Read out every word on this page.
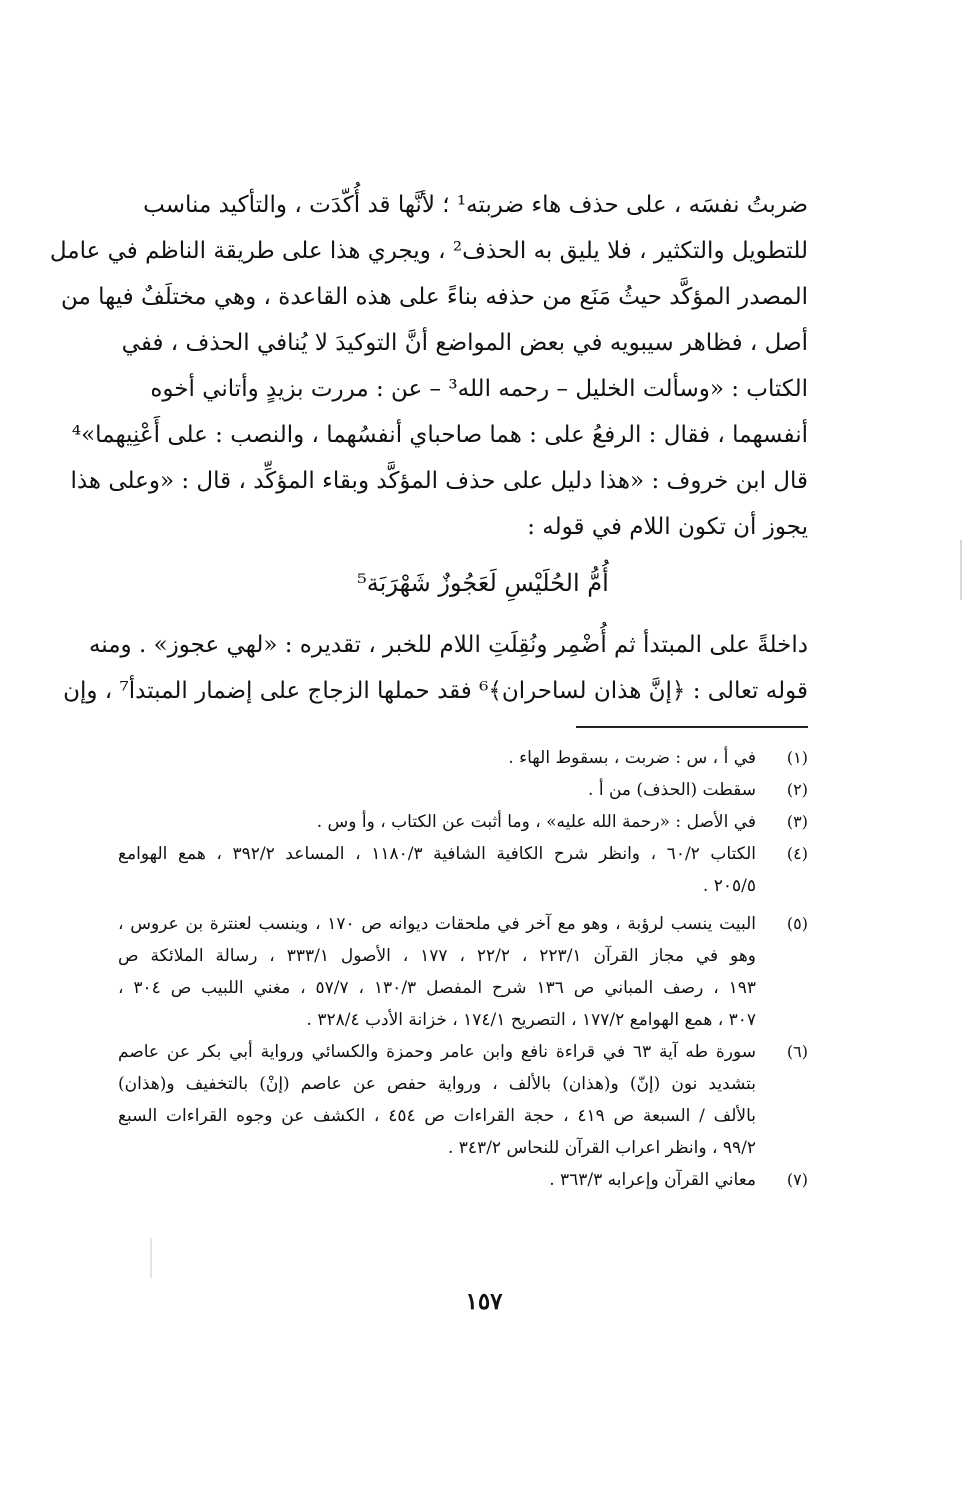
ضربتُ نفسَه ، على حذف هاء ضربته¹ ؛ لأنَّها قد أُكّدَت ، والتأكيد مناسب
للتطويل والتكثير ، فلا يليق به الحذف² ، ويجري هذا على طريقة الناظم في عامل
المصدر المؤكَّد حيثُ مَنَع من حذفه بناءً على هذه القاعدة ، وهي مختلَفٌ فيها من
أصل ، فظاهر سيبويه في بعض المواضع أنَّ التوكيدَ لا يُنافي الحذف ، ففي
الكتاب : «وسألت الخليل – رحمه الله³ – عن : مررت بزيدٍ وأتاني أخوه
أنفسهما ، فقال : الرفعُ على : هما صاحباي أنفسُهما ، والنصب : على أَعْنِيهما»⁴
قال ابن خروف : «هذا دليل على حذف المؤكَّد وبقاء المؤكِّد ، قال : «وعلى هذا
يجوز أن تكون اللام في قوله :
أُمُّ الحُلَيْسِ لَعَجُوزٌ شَهْرَبَة⁵
داخلةً على المبتدأ ثم أُضْمِر ونُقِلَتِ اللام للخبر ، تقديره : «لهي عجوز» . ومنه
قوله تعالى : ﴿إنَّ هذان لساحران﴾⁶ فقد حملها الزجاج على إضمار المبتدأ⁷ ، وإن
(١)
في أ ، س : ضربت ، بسقوط الهاء .
(٢)
سقطت (الحذف) من أ .
(٣)
في الأصل : «رحمة الله عليه» ، وما أثبت عن الكتاب ، وأ وس .
(٤)
الكتاب ٦٠/٢ ، وانظر شرح الكافية الشافية ١١٨٠/٣ ، المساعد ٣٩٢/٢ ، همع الهوامع
٢٠٥/٥ .
(٥)
البيت ينسب لرؤبة ، وهو مع آخر في ملحقات ديوانه ص ١٧٠ ، وينسب لعنترة بن عروس ،
وهو في مجاز القرآن ٢٢٣/١ ، ٢٢/٢ ، ١٧٧ ، الأصول ٣٣٣/١ ، رسالة الملائكة ص
١٩٣ ، رصف المباني ص ١٣٦ شرح المفصل ١٣٠/٣ ، ٥٧/٧ ، مغني اللبيب ص ٣٠٤ ،
٣٠٧ ، همع الهوامع ١٧٧/٢ ، التصريح ١٧٤/١ ، خزانة الأدب ٣٢٨/٤ .
(٦)
سورة طه آية ٦٣ في قراءة نافع وابن عامر وحمزة والكسائي ورواية أبي بكر عن عاصم
بتشديد نون (إنّ) و(هذان) بالألف ، ورواية حفص عن عاصم (إنْ) بالتخفيف و(هذان)
بالألف / السبعة ص ٤١٩ ، حجة القراءات ص ٤٥٤ ، الكشف عن وجوه القراءات السبع
٩٩/٢ ، وانظر اعراب القرآن للنحاس ٣٤٣/٢ .
(٧)
معاني القرآن وإعرابه ٣٦٣/٣ .
١٥٧
